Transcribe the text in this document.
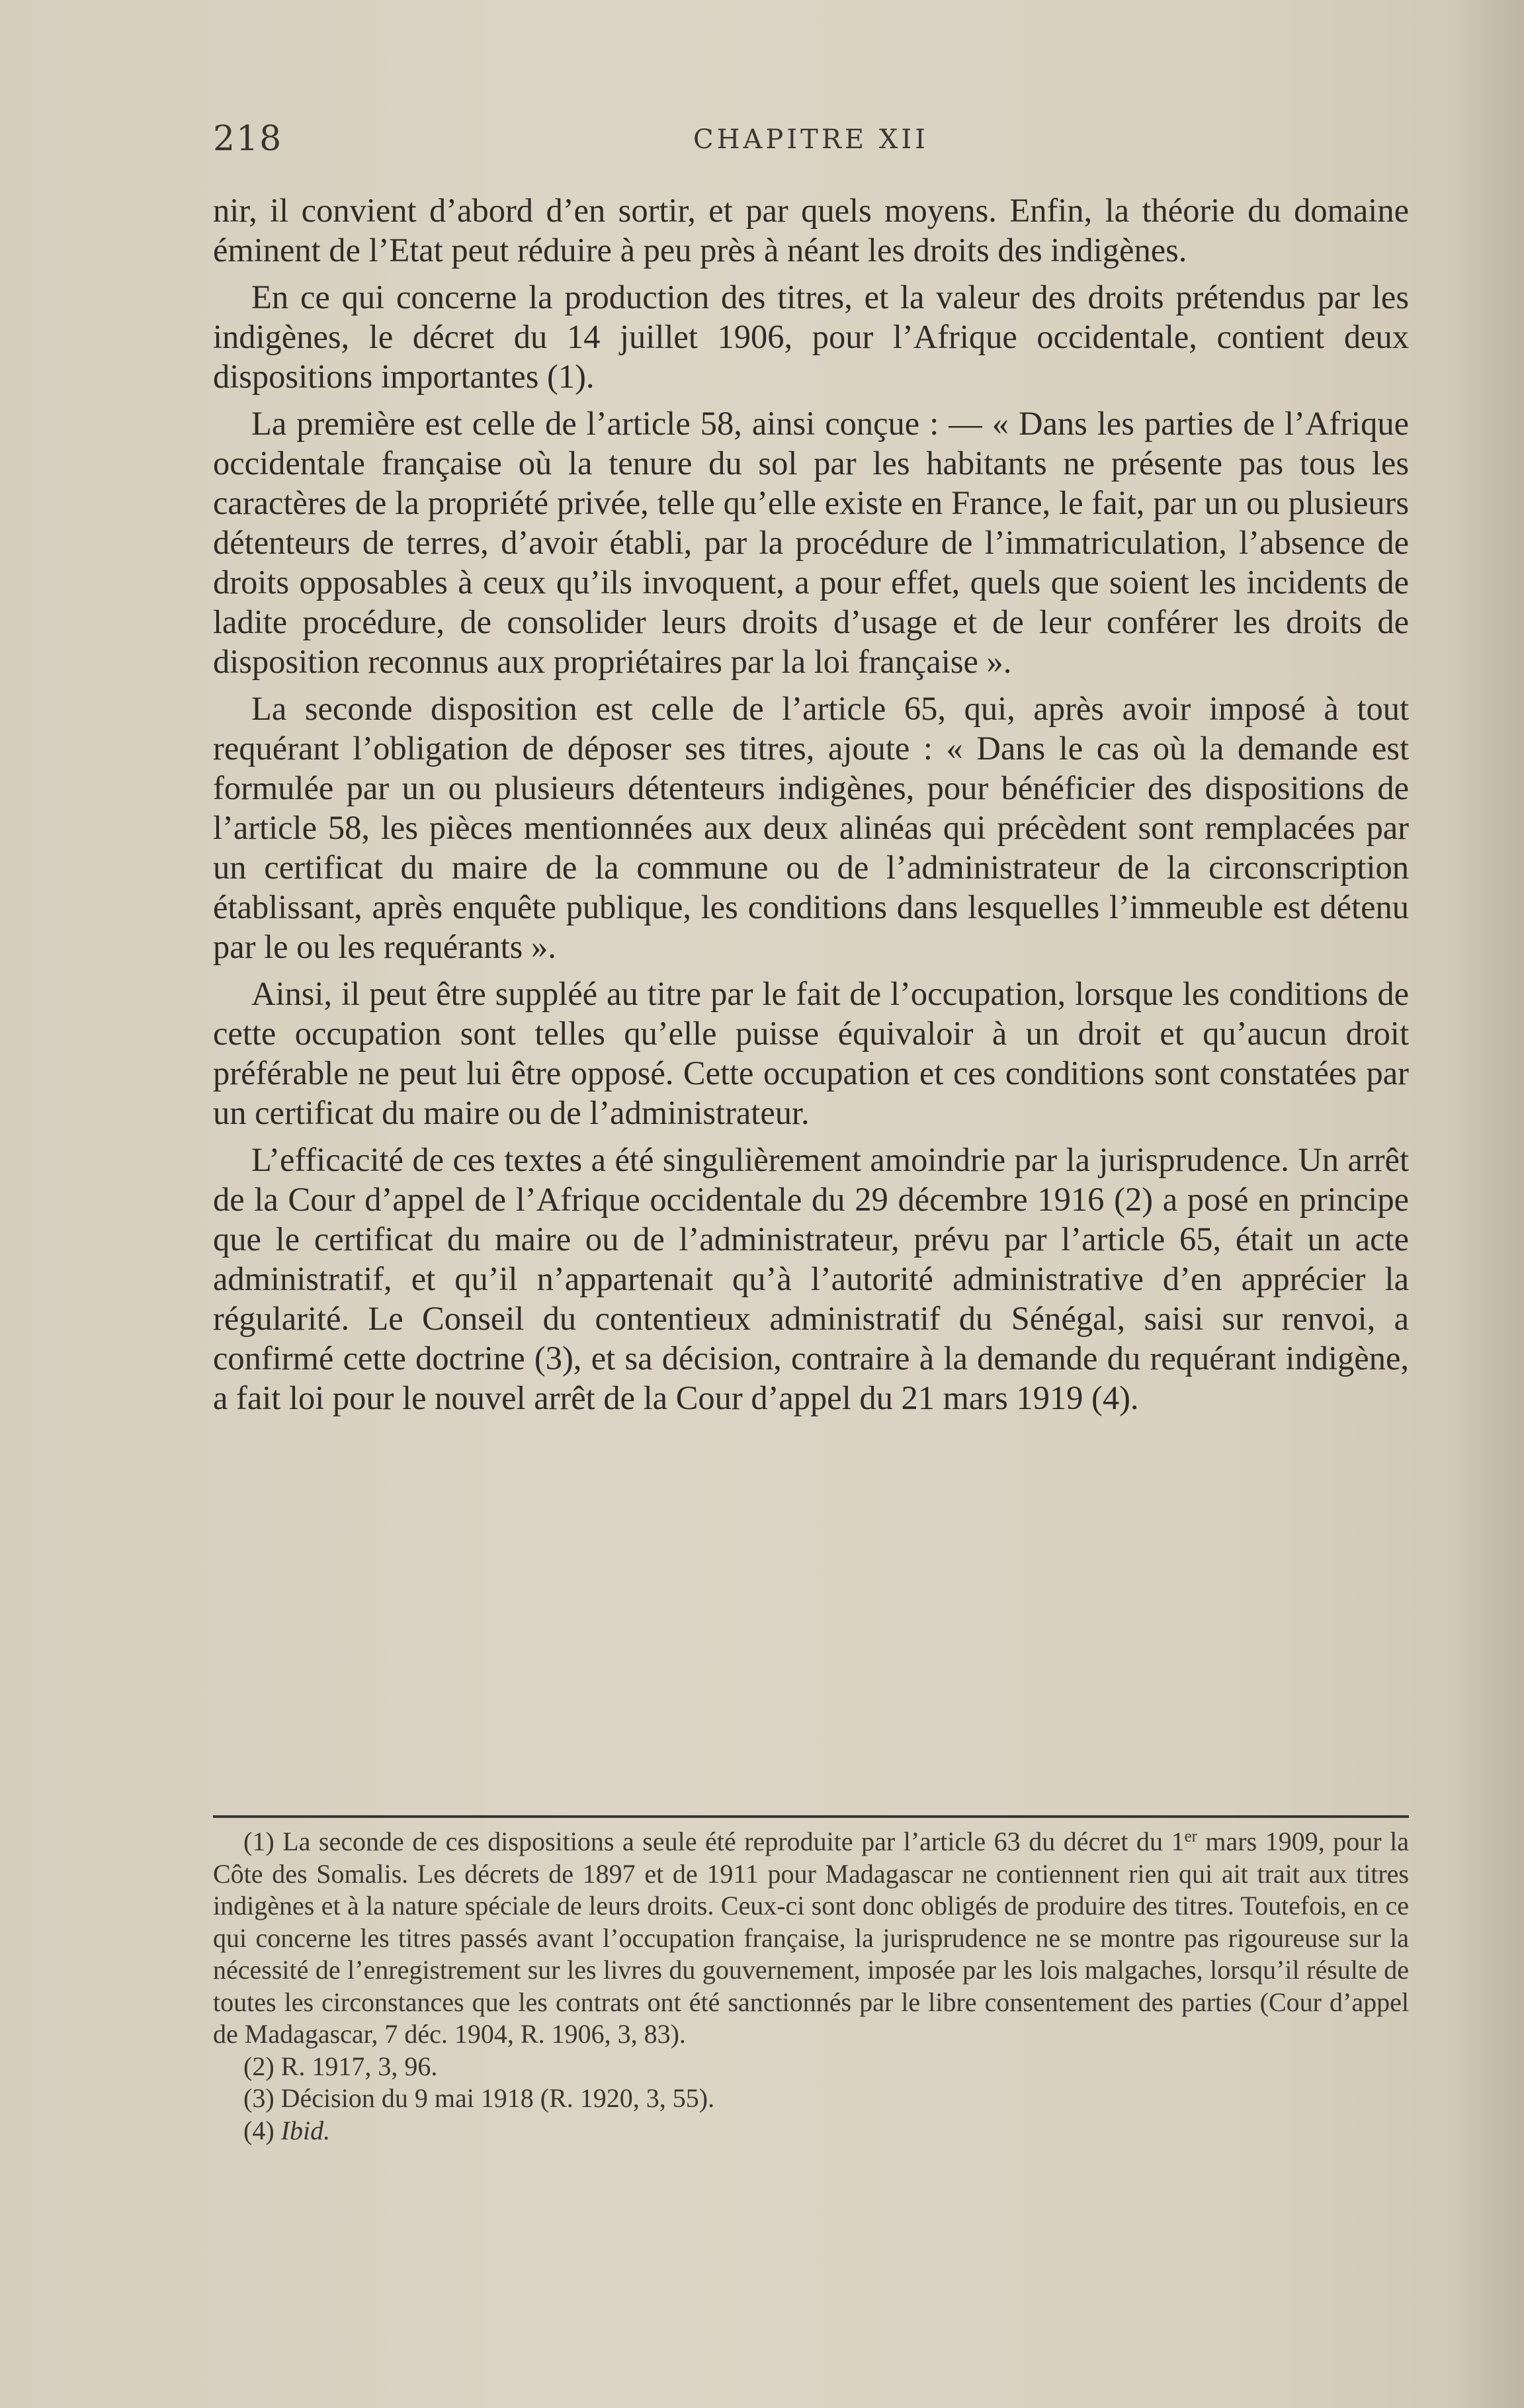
218	CHAPITRE XII

nir, il convient d’abord d’en sortir, et par quels moyens. Enfin, la théorie du domaine éminent de l’Etat peut réduire à peu près à néant les droits des indigènes.

En ce qui concerne la production des titres, et la valeur des droits prétendus par les indigènes, le décret du 14 juillet 1906, pour l’Afrique occidentale, contient deux dispositions importantes (1).

La première est celle de l’article 58, ainsi conçue : — « Dans les parties de l’Afrique occidentale française où la tenure du sol par les habitants ne présente pas tous les caractères de la propriété privée, telle qu’elle existe en France, le fait, par un ou plusieurs détenteurs de terres, d’avoir établi, par la procédure de l’immatriculation, l’absence de droits opposables à ceux qu’ils invoquent, a pour effet, quels que soient les incidents de ladite procédure, de consolider leurs droits d’usage et de leur conférer les droits de disposition reconnus aux propriétaires par la loi française ».

La seconde disposition est celle de l’article 65, qui, après avoir imposé à tout requérant l’obligation de déposer ses titres, ajoute : « Dans le cas où la demande est formulée par un ou plusieurs détenteurs indigènes, pour bénéficier des dispositions de l’article 58, les pièces mentionnées aux deux alinéas qui précèdent sont remplacées par un certificat du maire de la commune ou de l’administrateur de la circonscription établissant, après enquête publique, les conditions dans lesquelles l’immeuble est détenu par le ou les requérants ».

Ainsi, il peut être suppléé au titre par le fait de l’occupation, lorsque les conditions de cette occupation sont telles qu’elle puisse équivaloir à un droit et qu’aucun droit préférable ne peut lui être opposé. Cette occupation et ces conditions sont constatées par un certificat du maire ou de l’administrateur.

L’efficacité de ces textes a été singulièrement amoindrie par la jurisprudence. Un arrêt de la Cour d’appel de l’Afrique occidentale du 29 décembre 1916 (2) a posé en principe que le certificat du maire ou de l’administrateur, prévu par l’article 65, était un acte administratif, et qu’il n’appartenait qu’à l’autorité administrative d’en apprécier la régularité. Le Conseil du contentieux administratif du Sénégal, saisi sur renvoi, a confirmé cette doctrine (3), et sa décision, contraire à la demande du requérant indigène, a fait loi pour le nouvel arrêt de la Cour d’appel du 21 mars 1919 (4).

(1) La seconde de ces dispositions a seule été reproduite par l’article 63 du décret du 1er mars 1909, pour la Côte des Somalis. Les décrets de 1897 et de 1911 pour Madagascar ne contiennent rien qui ait trait aux titres indigènes et à la nature spéciale de leurs droits. Ceux-ci sont donc obligés de produire des titres. Toutefois, en ce qui concerne les titres passés avant l’occupation française, la jurisprudence ne se montre pas rigoureuse sur la nécessité de l’enregistrement sur les livres du gouvernement, imposée par les lois malgaches, lorsqu’il résulte de toutes les circonstances que les contrats ont été sanctionnés par le libre consentement des parties (Cour d’appel de Madagascar, 7 déc. 1904, R. 1906, 3, 83).

(2) R. 1917, 3, 96.

(3) Décision du 9 mai 1918 (R. 1920, 3, 55).

(4) Ibid.
